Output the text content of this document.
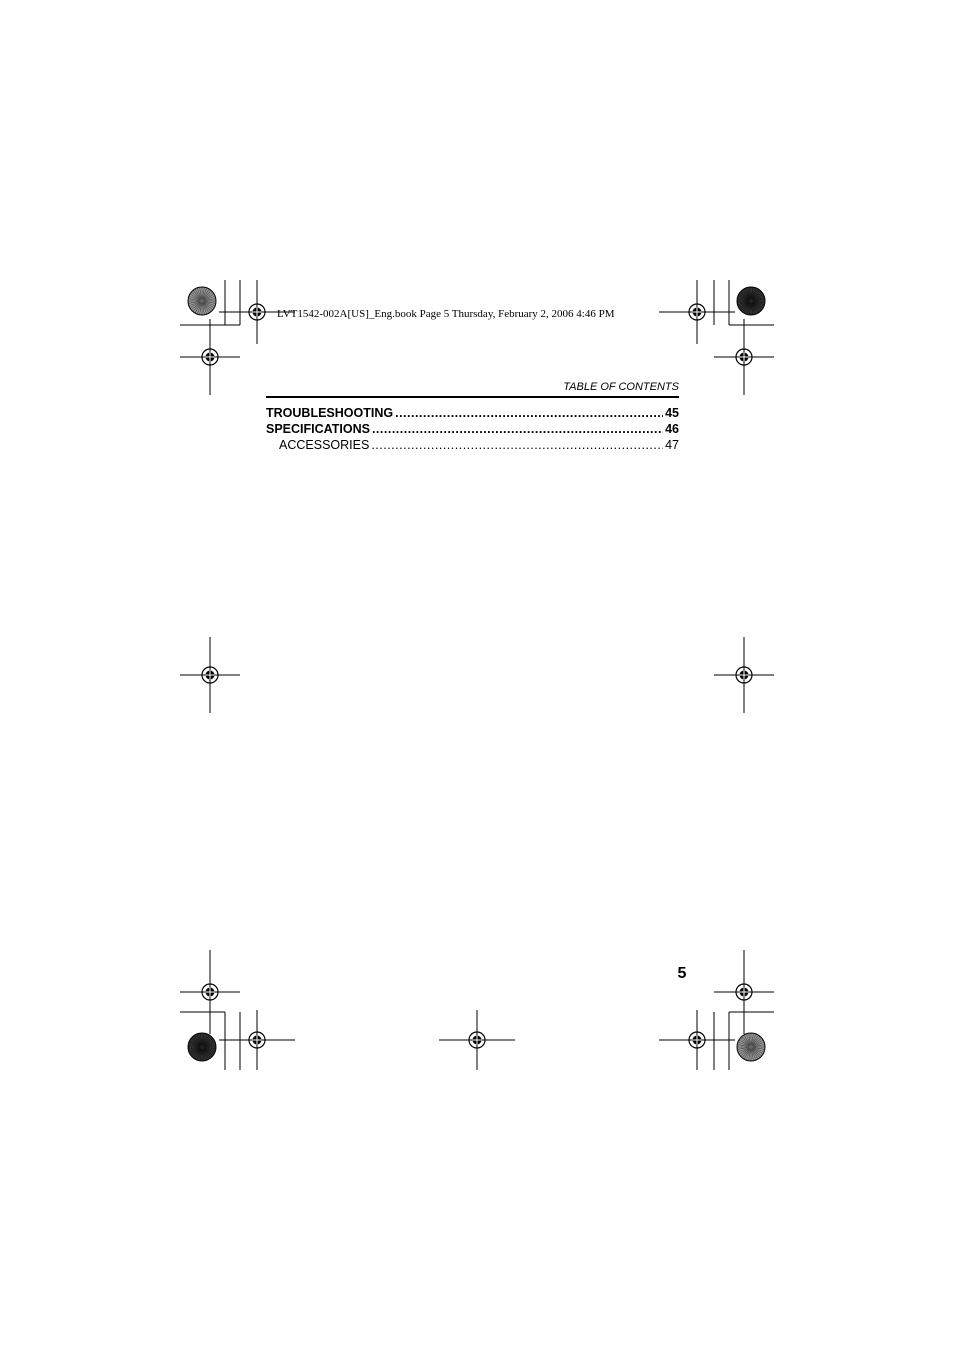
LVT1542-002A[US]_Eng.book Page 5 Thursday, February 2, 2006 4:46 PM
TABLE OF CONTENTS
TROUBLESHOOTING .....	45
SPECIFICATIONS .....	46
ACCESSORIES .....	47
5
